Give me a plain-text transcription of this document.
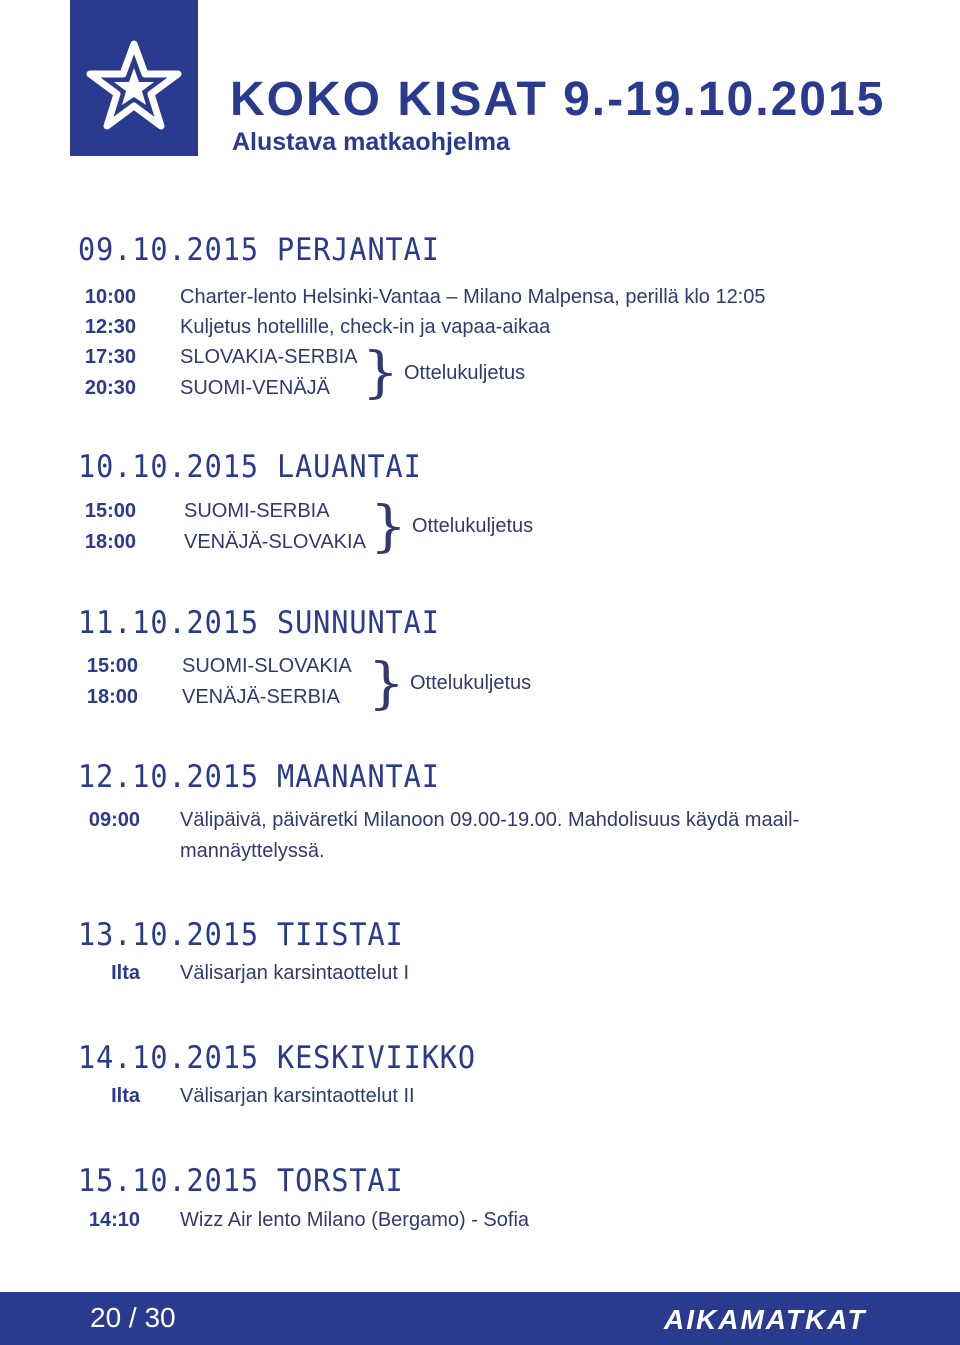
KOKO KISAT 9.-19.10.2015
Alustava matkaohjelma
09.10.2015 PERJANTAI
10:00 Charter-lento Helsinki-Vantaa – Milano Malpensa, perillä klo 12:05
12:30 Kuljetus hotellille, check-in ja vapaa-aikaa
17:30 SLOVAKIA-SERBIA
20:30 SUOMI-VENÄJÄ } Ottelukuljetus
10.10.2015 LAUANTAI
15:00 SUOMI-SERBIA
18:00 VENÄJÄ-SLOVAKIA } Ottelukuljetus
11.10.2015 SUNNUNTAI
15:00 SUOMI-SLOVAKIA
18:00 VENÄJÄ-SERBIA } Ottelukuljetus
12.10.2015 MAANANTAI
09:00 Välipäivä, päiväretki Milanoon 09.00-19.00. Mahdolisuus käydä maail-
mannäyttelyssä.
13.10.2015 TIISTAI
Ilta Välisarjan karsintaottelut I
14.10.2015 KESKIVIIKKO
Ilta Välisarjan karsintaottelut II
15.10.2015 TORSTAI
14:10 Wizz Air lento Milano (Bergamo) - Sofia
20 / 30	AIKAMATKAT
